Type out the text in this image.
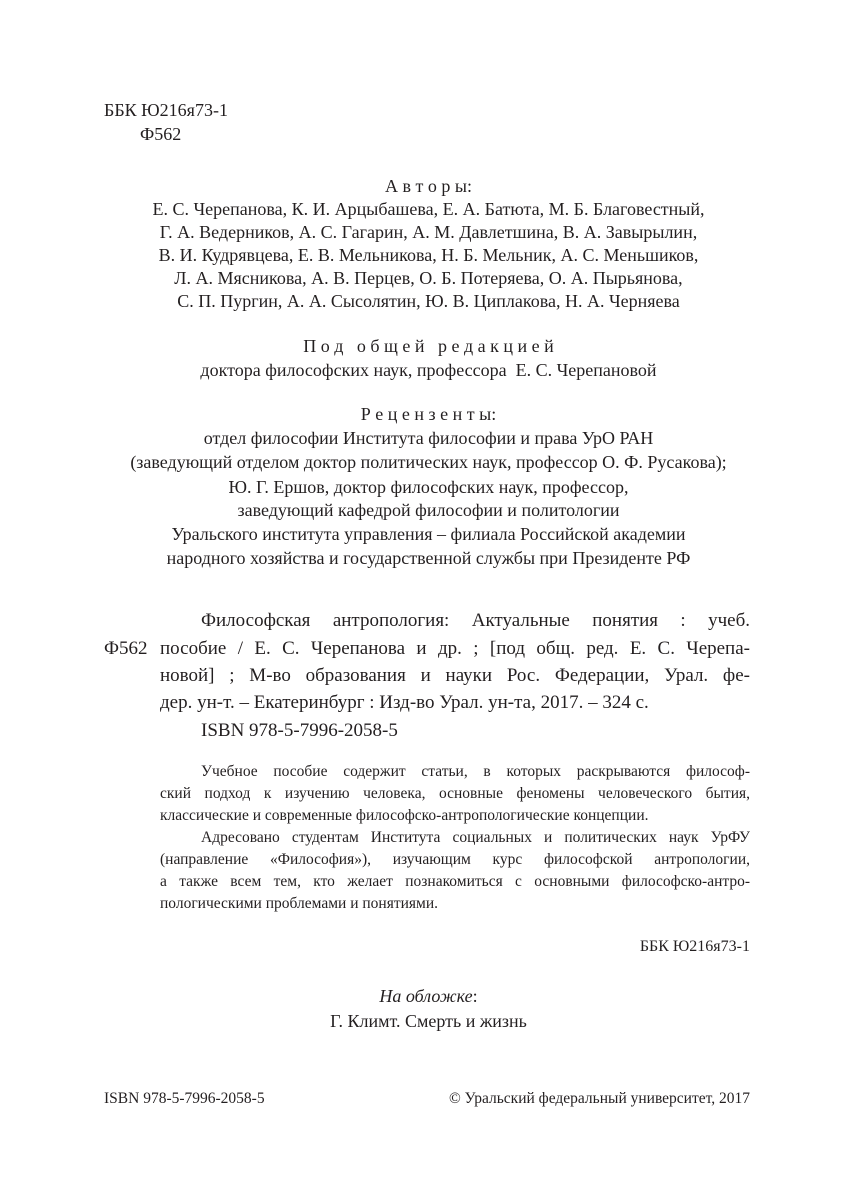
ББК Ю216я73-1
Ф562
А в т о р ы:
Е. С. Черепанова, К. И. Арцыбашева, Е. А. Батюта, М. Б. Благовестный,
Г. А. Ведерников, А. С. Гагарин, А. М. Давлетшина, В. А. Завырылин,
В. И. Кудрявцева, Е. В. Мельникова, Н. Б. Мельник, А. С. Меньшиков,
Л. А. Мясникова, А. В. Перцев, О. Б. Потеряева, О. А. Пырьянова,
С. П. Пургин, А. А. Сысолятин, Ю. В. Циплакова, Н. А. Черняева
П о д   о б щ е й   р е д а к ц и е й
доктора философских наук, профессора  Е. С. Черепановой
Р е ц е н з е н т ы:
отдел философии Института философии и права УрО РАН
(заведующий отделом доктор политических наук, профессор О. Ф. Русакова);
Ю. Г. Ершов, доктор философских наук, профессор,
заведующий кафедрой философии и политологии
Уральского института управления – филиала Российской академии
народного хозяйства и государственной службы при Президенте РФ
Ф562
Философская антропология: Актуальные понятия : учеб.
пособие / Е. С. Черепанова и др. ; [под общ. ред. Е. С. Черепа-
новой] ; М-во образования и науки Рос. Федерации, Урал. фе-
дер. ун-т. – Екатеринбург : Изд-во Урал. ун-та, 2017. – 324 с.
ISBN 978-5-7996-2058-5
Учебное пособие содержит статьи, в которых раскрываются философ-
ский подход к изучению человека, основные феномены человеческого бытия,
классические и современные философско-антропологические концепции.
Адресовано студентам Института социальных и политических наук УрФУ
(направление «Философия»), изучающим курс философской антропологии,
а также всем тем, кто желает познакомиться с основными философско-антро-
пологическими проблемами и понятиями.
ББК Ю216я73-1
На обложке:
Г. Климт. Смерть и жизнь
ISBN 978-5-7996-2058-5	© Уральский федеральный университет, 2017
